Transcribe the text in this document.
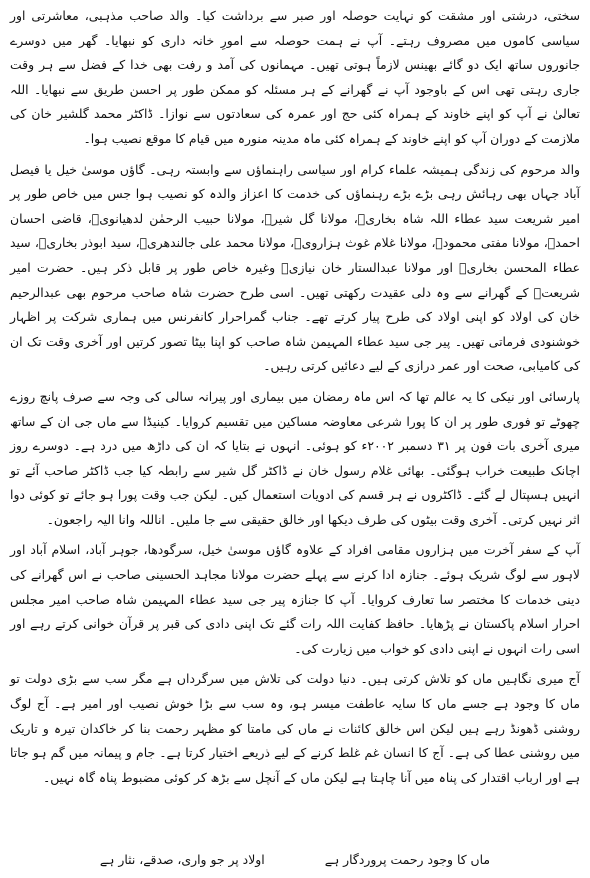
سختی، درشتی اور مشقت کو نہایت حوصلہ اور صبر سے برداشت کیا۔ والد صاحب مذہبی، معاشرتی اور سیاسی کاموں میں مصروف رہتے۔ آپ نے ہمت حوصلہ سے امورِ خانہ داری کو نبھایا۔ گھر میں دوسرے جانوروں ساتھ ایک دو گائے بھینس لازماً ہوتی تھیں۔ مہمانوں کی آمد و رفت بھی خدا کے فضل سے ہر وقت جاری رہتی تھی اس کے باوجود آپ نے گھرانے کے ہر مسئلہ کو ممکن طور پر احسن طریق سے نبھایا۔ اللہ تعالیٰ نے آپ کو اپنے خاوند کے ہمراہ کئی حج اور عمرہ کی سعادتوں سے نوازا۔ ڈاکٹر محمد گلشیر خان کی ملازمت کے دوران آپ کو اپنے خاوند کے ہمراہ کئی ماہ مدینہ منورہ میں قیام کا موقع نصیب ہوا۔

والد مرحوم کی زندگی ہمیشہ علماء کرام اور سیاسی راہنماؤں سے وابستہ رہی۔ گاؤں موسیٰ خیل یا فیصل آباد جہاں بھی رہائش رہی بڑے بڑے رہنماؤں کی خدمت کا اعزاز والدہ کو نصیب ہوا جس میں خاص طور پر امیر شریعت سید عطاء اللہ شاہ بخاریؒ، مولانا گل شیرؒ، مولانا حبیب الرحمٰن لدھیانویؒ، قاضی احسان احمدؒ، مولانا مفتی محمودؒ، مولانا غلام غوث ہزارویؒ، مولانا محمد علی جالندھریؒ، سید ابوذر بخاریؒ، سید عطاء المحسن بخاریؒ اور مولانا عبدالستار خان نیازیؒ وغیرہ خاص طور پر قابل ذکر ہیں۔ حضرت امیر شریعتؒ کے گھرانے سے وہ دلی عقیدت رکھتی تھیں۔ اسی طرح حضرت شاہ صاحب مرحوم بھی عبدالرحیم خان کی اولاد کو اپنی اولاد کی طرح پیار کرتے تھے۔ جناب گمراحرار کانفرنس میں ہماری شرکت پر اظہار خوشنودی فرماتی تھیں۔ پیر جی سید عطاء المہیمن شاہ صاحب کو اپنا بیٹا تصور کرتیں اور آخری وقت تک ان کی کامیابی، صحت اور عمر درازی کے لیے دعائیں کرتی رہیں۔

پارسائی اور نیکی کا یہ عالم تھا کہ اس ماہ رمضان میں بیماری اور پیرانہ سالی کی وجہ سے صرف پانچ روزے چھوٹے تو فوری طور پر ان کا پورا شرعی معاوضہ مساکین میں تقسیم کروایا۔ کینیڈا سے ماں جی ان کے ساتھ میری آخری بات فون پر ۳۱ دسمبر ۲۰۰۲ء کو ہوئی۔ انہوں نے بتایا کہ ان کی داڑھ میں درد ہے۔ دوسرے روز اچانک طبیعت خراب ہوگئی۔ بھائی غلام رسول خان نے ڈاکٹر گل شیر سے رابطہ کیا جب ڈاکٹر صاحب آئے تو انہیں ہسپتال لے گئے۔ ڈاکٹروں نے ہر قسم کی ادویات استعمال کیں۔ لیکن جب وقت پورا ہو جائے تو کوئی دوا اثر نہیں کرتی۔ آخری وقت بیٹوں کی طرف دیکھا اور خالق حقیقی سے جا ملیں۔ اناللہ وانا الیہ راجعون۔

آپ کے سفر آخرت میں ہزاروں مقامی افراد کے علاوہ گاؤں موسیٰ خیل، سرگودھا، جوہر آباد، اسلام آباد اور لاہور سے لوگ شریک ہوئے۔ جنازہ ادا کرنے سے پہلے حضرت مولانا مجاہد الحسینی صاحب نے اس گھرانے کی دینی خدمات کا مختصر سا تعارف کروایا۔ آپ کا جنازہ پیر جی سید عطاء المہیمن شاہ صاحب امیر مجلس احرار اسلام پاکستان نے پڑھایا۔ حافظ کفایت اللہ رات گئے تک اپنی دادی کی قبر پر قرآن خوانی کرتے رہے اور اسی رات انہوں نے اپنی دادی کو خواب میں زیارت کی۔

آج میری نگاہیں ماں کو تلاش کرتی ہیں۔ دنیا دولت کی تلاش میں سرگرداں ہے مگر سب سے بڑی دولت تو ماں کا وجود ہے جسے ماں کا سایہ عاطفت میسر ہو، وہ سب سے بڑا خوش نصیب اور امیر ہے۔ آج لوگ روشنی ڈھونڈ رہے ہیں لیکن اس خالق کائنات نے ماں کی مامتا کو مظہر رحمت بنا کر خاکدان تیرہ و تاریک میں روشنی عطا کی ہے۔ آج کا انسان غم غلط کرنے کے لیے ذریعے اختیار کرتا ہے۔ جام و پیمانہ میں گم ہو جاتا ہے اور ارباب اقتدار کی پناہ میں آنا چاہتا ہے لیکن ماں کے آنچل سے بڑھ کر کوئی مضبوط پناہ گاہ نہیں۔

ماں کا وجود رحمت پروردگار ہے
اولاد پر جو واری، صدقے، نثار ہے
